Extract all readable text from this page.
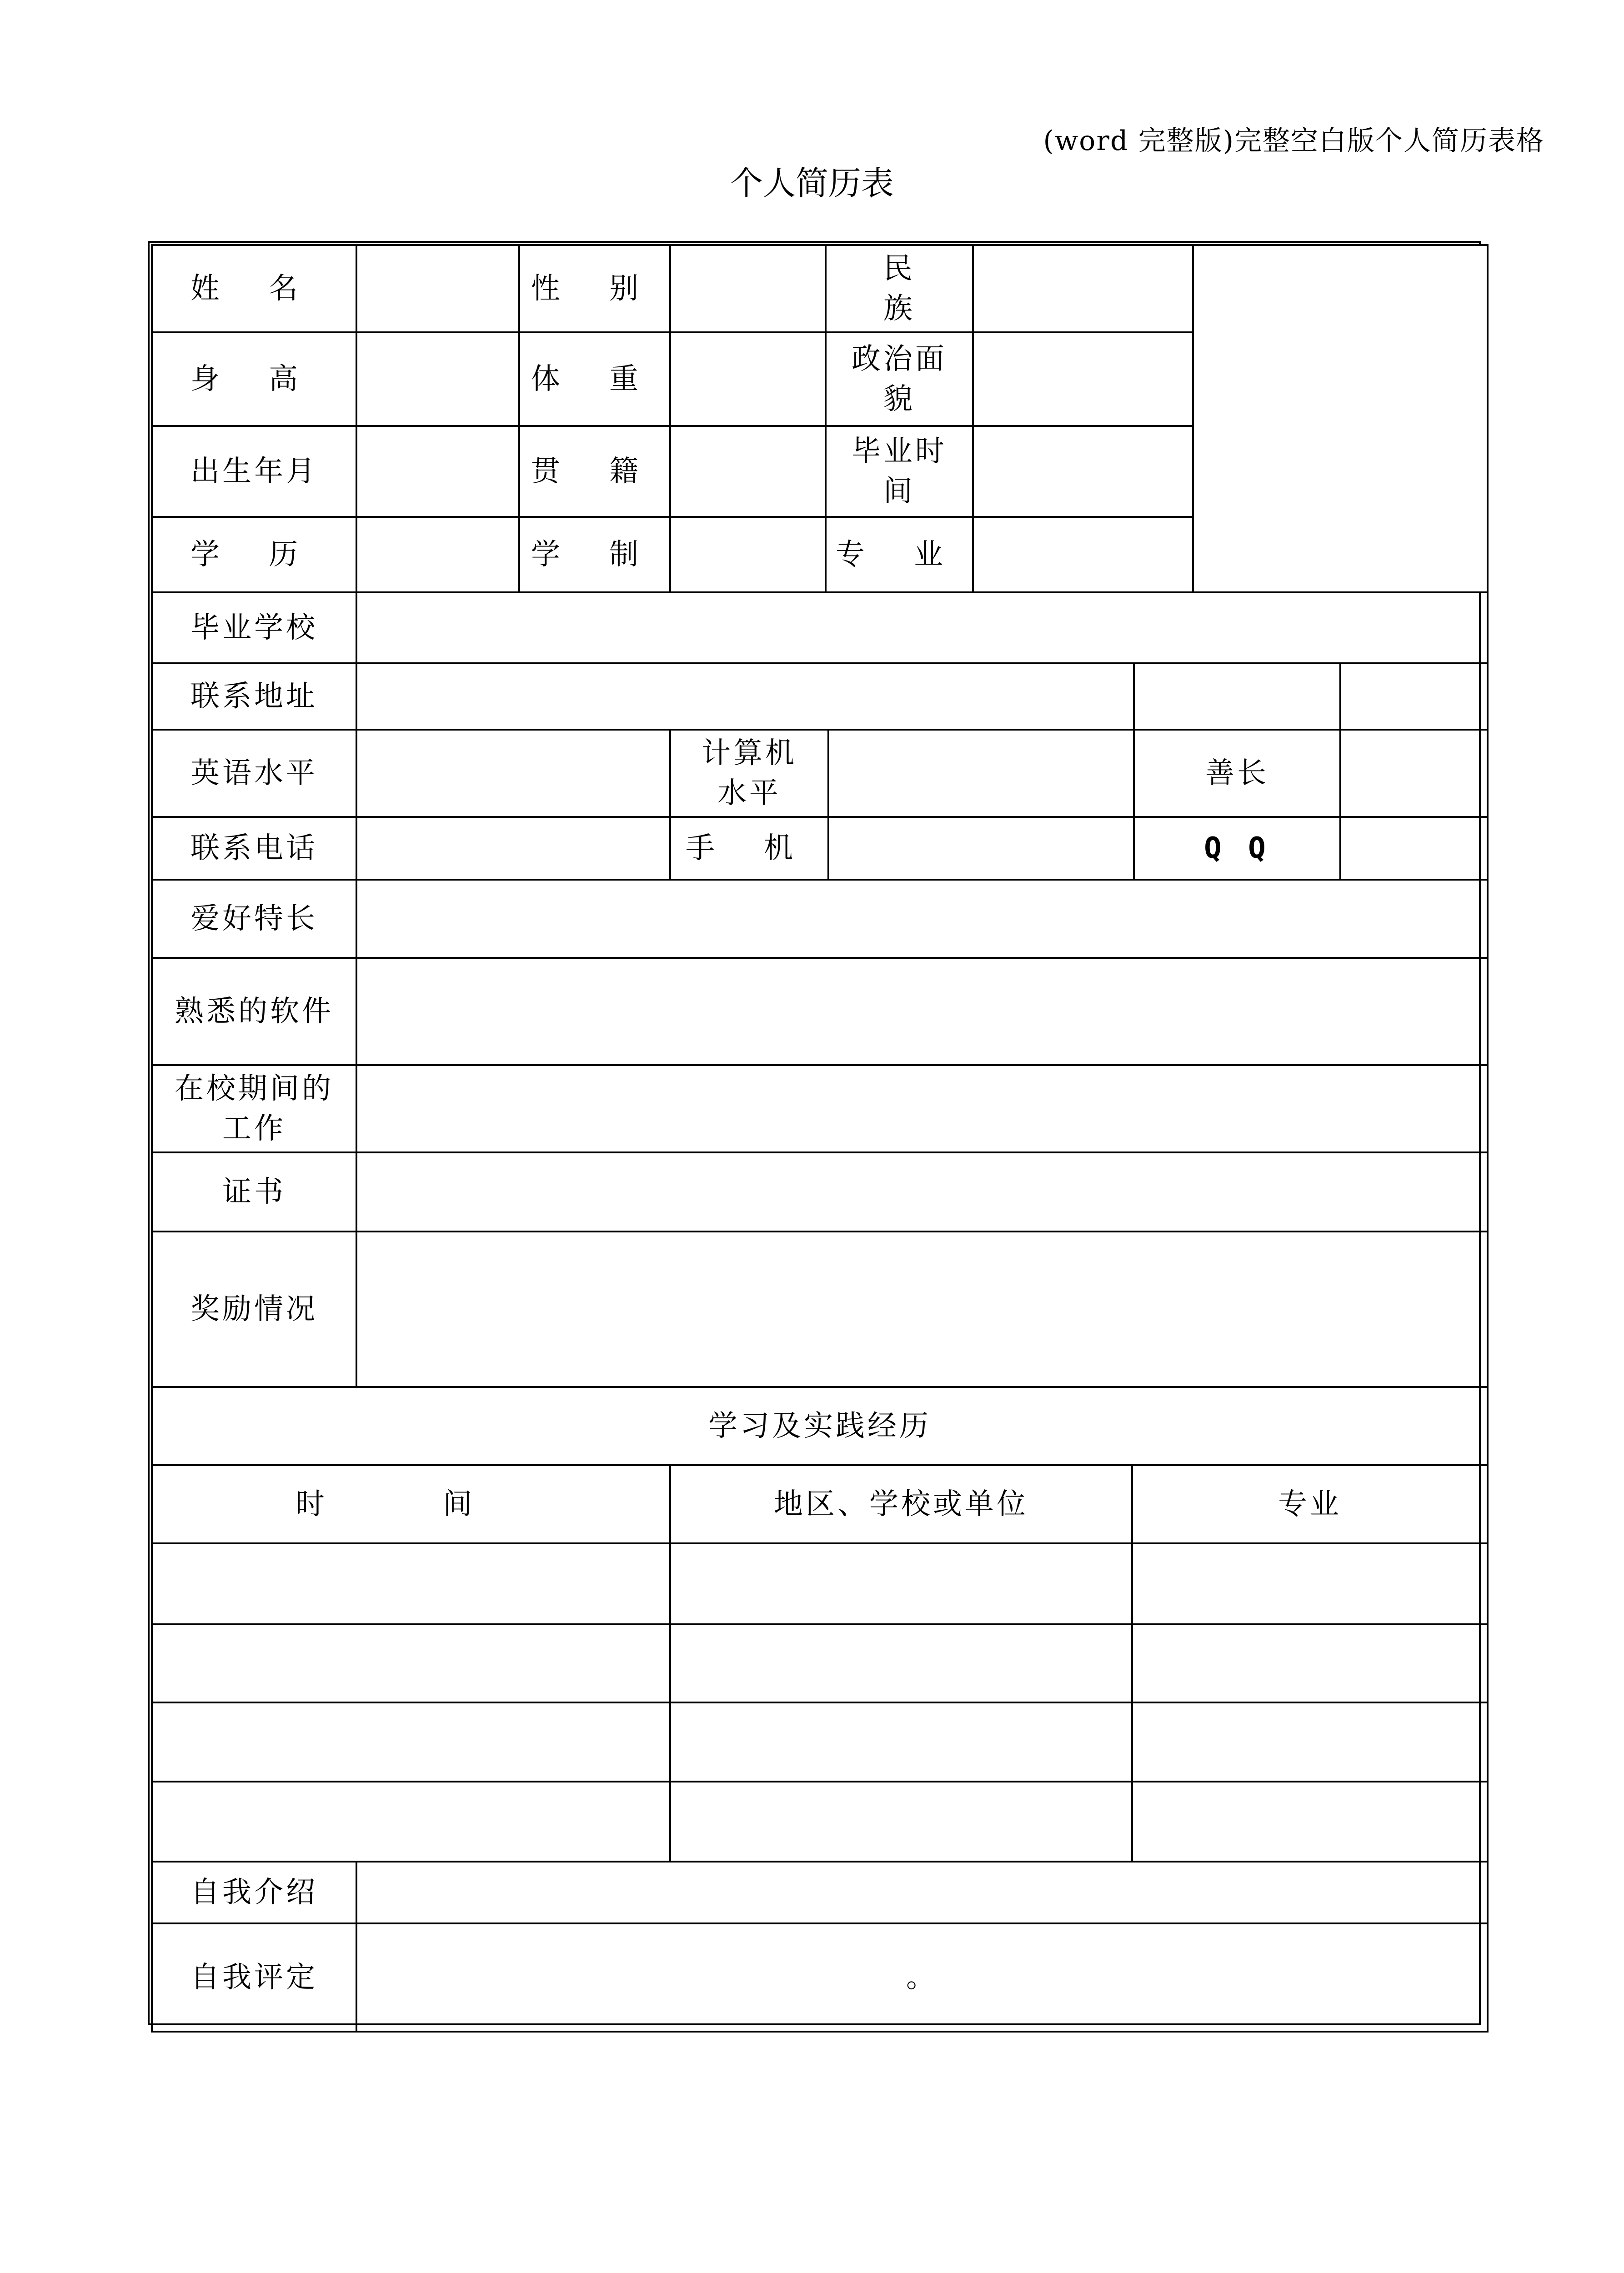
(word 完整版)完整空白版个人简历表格
个人简历表
姓 名		性 别		民族						
身 高		体 重		政治面貌						
出生年月		贯 籍		毕业时间						
学 历		学 制		专 业						
毕业学校										
联系地址										
英语水平			计算机水平					善长		
联系电话			手 机					Q Q		
爱好特长										
熟悉的软件										
在校期间的工作										
证书										
奖励情况										
学习及实践经历										
时 间			地区、学校或单位				专业			

自我介绍										
自我评定	。									
